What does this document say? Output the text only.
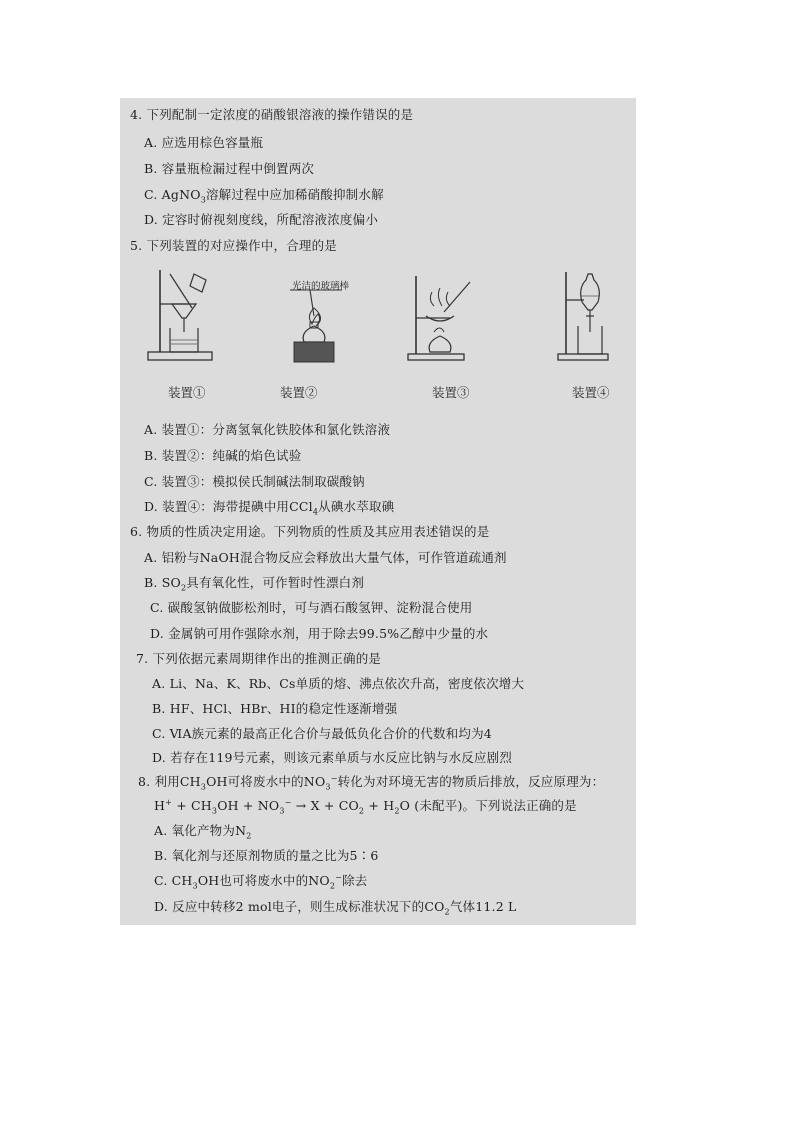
4. 下列配制一定浓度的硝酸银溶液的操作错误的是
A. 应选用棕色容量瓶
B. 容量瓶检漏过程中倒置两次
C. AgNO$_3$溶解过程中应加稀硝酸抑制水解
D. 定容时俯视刻度线，所配溶液浓度偏小
5. 下列装置的对应操作中，合理的是
光洁的玻璃棒
装置①	装置②	装置③	装置④
A. 装置①：分离氢氧化铁胶体和氯化铁溶液
B. 装置②：纯碱的焰色试验
C. 装置③：模拟侯氏制碱法制取碳酸钠
D. 装置④：海带提碘中用CCl$_4$从碘水萃取碘
6. 物质的性质决定用途。下列物质的性质及其应用表述错误的是
A. 铝粉与NaOH混合物反应会释放出大量气体，可作管道疏通剂
B. $SO_2$具有氧化性，可作暂时性漂白剂
C. 碳酸氢钠做膨松剂时，可与酒石酸氢钾、淀粉混合使用
D. 金属钠可用作强除水剂，用于除去99.5%乙醇中少量的水
7. 下列依据元素周期律作出的推测正确的是
A. Li、Na、K、Rb、Cs单质的熔、沸点依次升高，密度依次增大
B. HF、HCl、HBr、HI的稳定性逐渐增强
C. ⅥA族元素的最高正化合价与最低负化合价的代数和均为4
D. 若存在119号元素，则该元素单质与水反应比钠与水反应剧烈
8. 利用$CH_3OH$可将废水中的$NO_3^-$转化为对环境无害的物质后排放，反应原理为：
$H^+ + CH_3OH + NO_3^- \to X + CO_2 + H_2O$ (未配平)。下列说法正确的是
A. 氧化产物为$N_2$
B. 氧化剂与还原剂物质的量之比为5∶6
C. $CH_3OH$也可将废水中的$NO_2^-$除去
D. 反应中转移2 mol电子，则生成标准状况下的$CO_2$气体11.2 L
